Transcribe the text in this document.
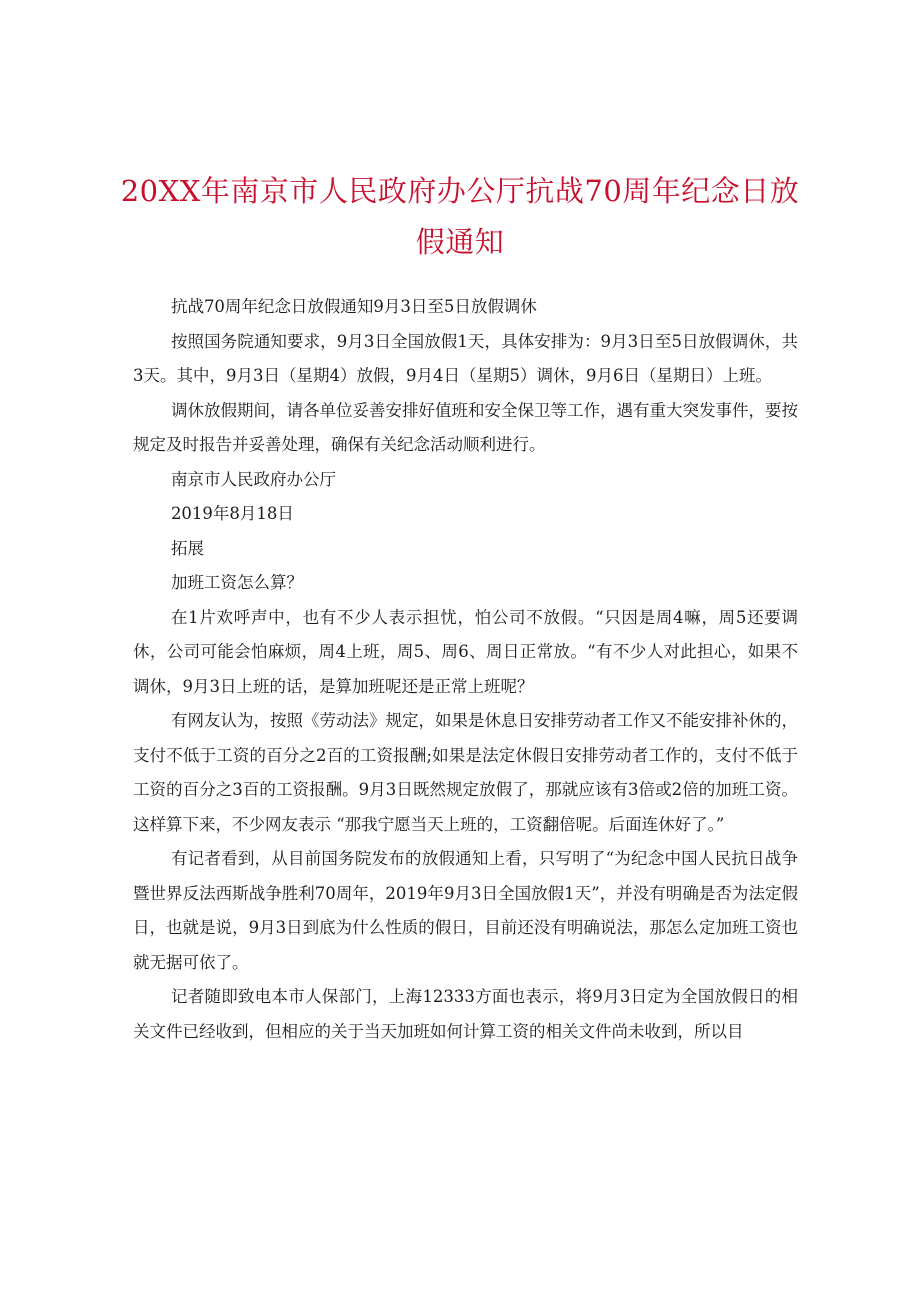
20XX年南京市人民政府办公厅抗战70周年纪念日放假通知

抗战70周年纪念日放假通知9月3日至5日放假调休

按照国务院通知要求，9月3日全国放假1天，具体安排为：9月3日至5日放假调休，共3天。其中，9月3日（星期4）放假，9月4日（星期5）调休，9月6日（星期日）上班。

调休放假期间，请各单位妥善安排好值班和安全保卫等工作，遇有重大突发事件，要按规定及时报告并妥善处理，确保有关纪念活动顺利进行。

南京市人民政府办公厅

2019年8月18日

拓展

加班工资怎么算？

在1片欢呼声中，也有不少人表示担忧，怕公司不放假。“只因是周4嘛，周5还要调休，公司可能会怕麻烦，周4上班，周5、周6、周日正常放。“有不少人对此担心，如果不调休，9月3日上班的话，是算加班呢还是正常上班呢？

有网友认为，按照《劳动法》规定，如果是休息日安排劳动者工作又不能安排补休的，支付不低于工资的百分之2百的工资报酬;如果是法定休假日安排劳动者工作的，支付不低于工资的百分之3百的工资报酬。9月3日既然规定放假了，那就应该有3倍或2倍的加班工资。这样算下来，不少网友表示 “那我宁愿当天上班的，工资翻倍呢。后面连休好了。”

有记者看到，从目前国务院发布的放假通知上看，只写明了“为纪念中国人民抗日战争暨世界反法西斯战争胜利70周年，2019年9月3日全国放假1天”，并没有明确是否为法定假日，也就是说，9月3日到底为什么性质的假日，目前还没有明确说法，那怎么定加班工资也就无据可依了。

记者随即致电本市人保部门，上海12333方面也表示，将9月3日定为全国放假日的相关文件已经收到，但相应的关于当天加班如何计算工资的相关文件尚未收到，所以目
